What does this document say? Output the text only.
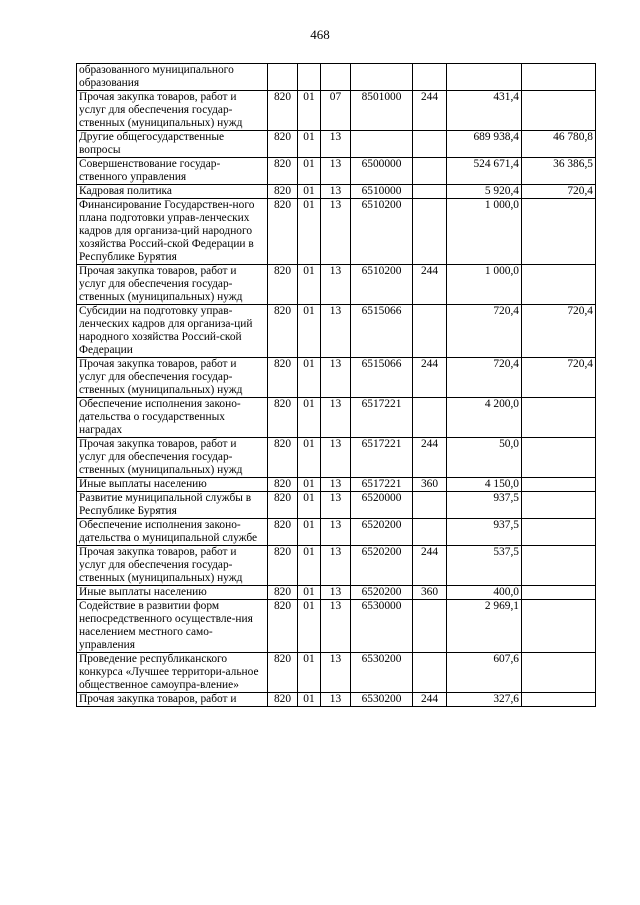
468
образованного муниципального образования							
Прочая закупка товаров, работ и услуг для обеспечения государ-ственных (муниципальных) нужд	820	01	07	8501000	244	431,4	
Другие общегосударственные вопросы	820	01	13			689 938,4	46 780,8
Совершенствование государ-ственного управления	820	01	13	6500000		524 671,4	36 386,5
Кадровая политика	820	01	13	6510000		5 920,4	720,4
Финансирование Государствен-ного плана подготовки управ-ленческих кадров для организа-ций народного хозяйства Россий-ской Федерации в Республике Бурятия	820	01	13	6510200		1 000,0	
Прочая закупка товаров, работ и услуг для обеспечения государ-ственных (муниципальных) нужд	820	01	13	6510200	244	1 000,0	
Субсидии на подготовку управ-ленческих кадров для организа-ций народного хозяйства Россий-ской Федерации	820	01	13	6515066		720,4	720,4
Прочая закупка товаров, работ и услуг для обеспечения государ-ственных (муниципальных) нужд	820	01	13	6515066	244	720,4	720,4
Обеспечение исполнения законо-дательства о государственных наградах	820	01	13	6517221		4 200,0	
Прочая закупка товаров, работ и услуг для обеспечения государ-ственных (муниципальных) нужд	820	01	13	6517221	244	50,0	
Иные выплаты населению	820	01	13	6517221	360	4 150,0	
Развитие муниципальной службы в Республике Бурятия	820	01	13	6520000		937,5	
Обеспечение исполнения законо-дательства о муниципальной службе	820	01	13	6520200		937,5	
Прочая закупка товаров, работ и услуг для обеспечения государ-ственных (муниципальных) нужд	820	01	13	6520200	244	537,5	
Иные выплаты населению	820	01	13	6520200	360	400,0	
Содействие в развитии форм непосредственного осуществле-ния населением местного само-управления	820	01	13	6530000		2 969,1	
Проведение республиканского конкурса «Лучшее территори-альное общественное самоупра-вление»	820	01	13	6530200		607,6	
Прочая закупка товаров, работ и	820	01	13	6530200	244	327,6	
